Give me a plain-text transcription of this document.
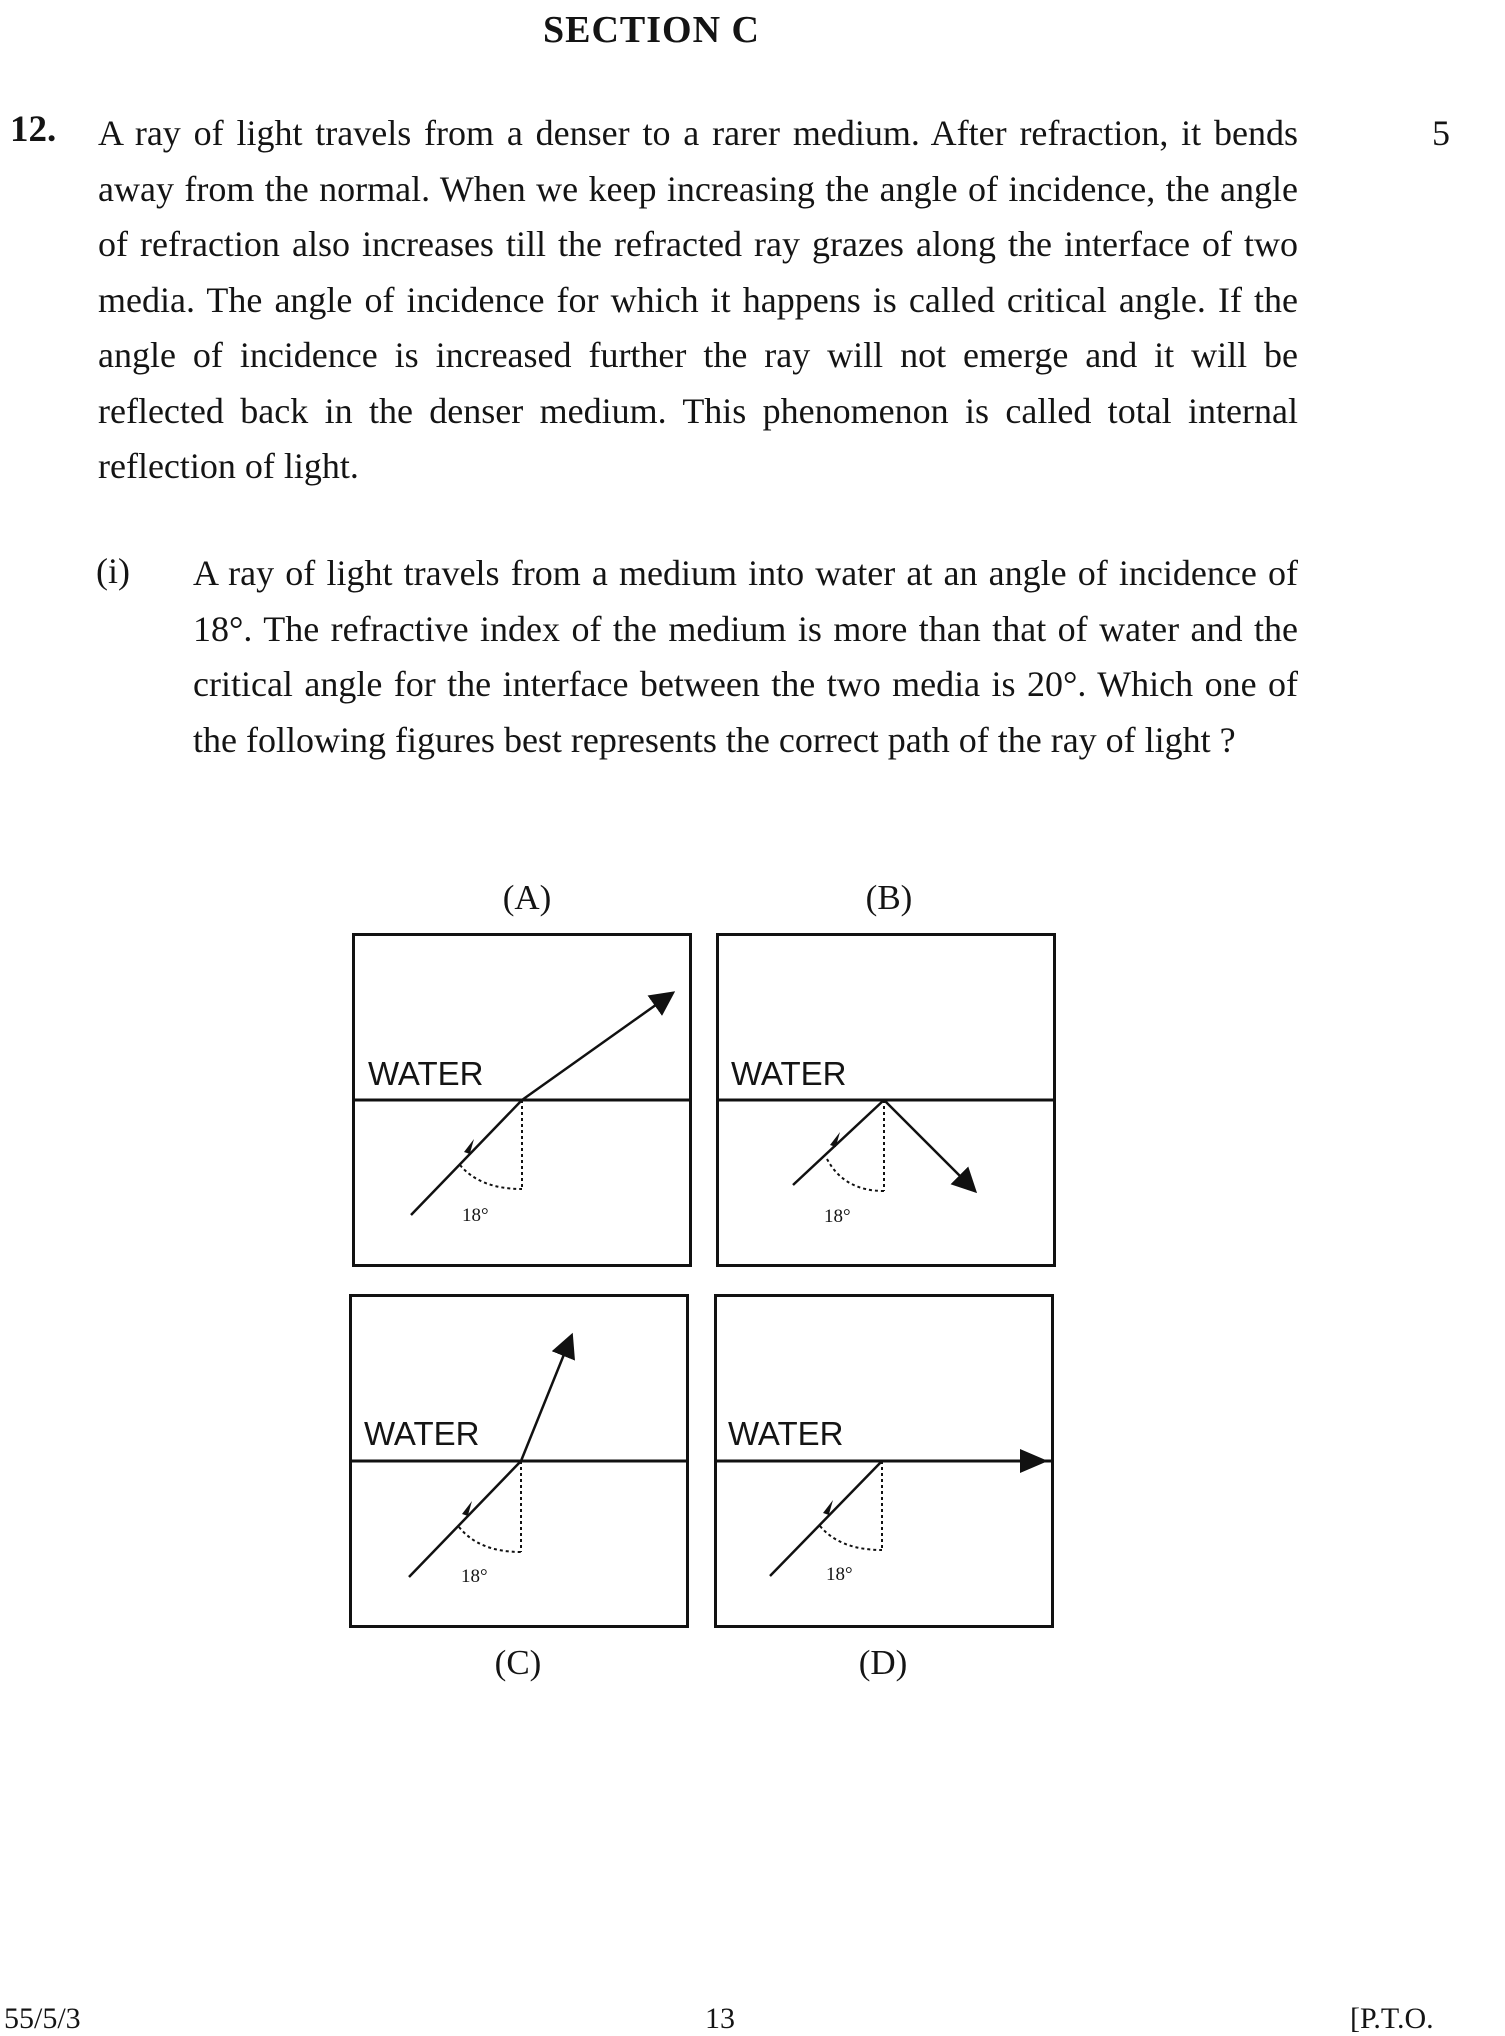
SECTION C
12. A ray of light travels from a denser to a rarer medium. After refraction, it bends away from the normal. When we keep increasing the angle of incidence, the angle of refraction also increases till the refracted ray grazes along the interface of two media. The angle of incidence for which it happens is called critical angle. If the angle of incidence is increased further the ray will not emerge and it will be reflected back in the denser medium. This phenomenon is called total internal reflection of light.
5
(i) A ray of light travels from a medium into water at an angle of incidence of 18°. The refractive index of the medium is more than that of water and the critical angle for the interface between the two media is 20°. Which one of the following figures best represents the correct path of the ray of light ?
(A)	(B)
(C)	(D)
WATER
18°
WATER
18°
WATER
18°
WATER
18°
55/5/3	13	[P.T.O.
